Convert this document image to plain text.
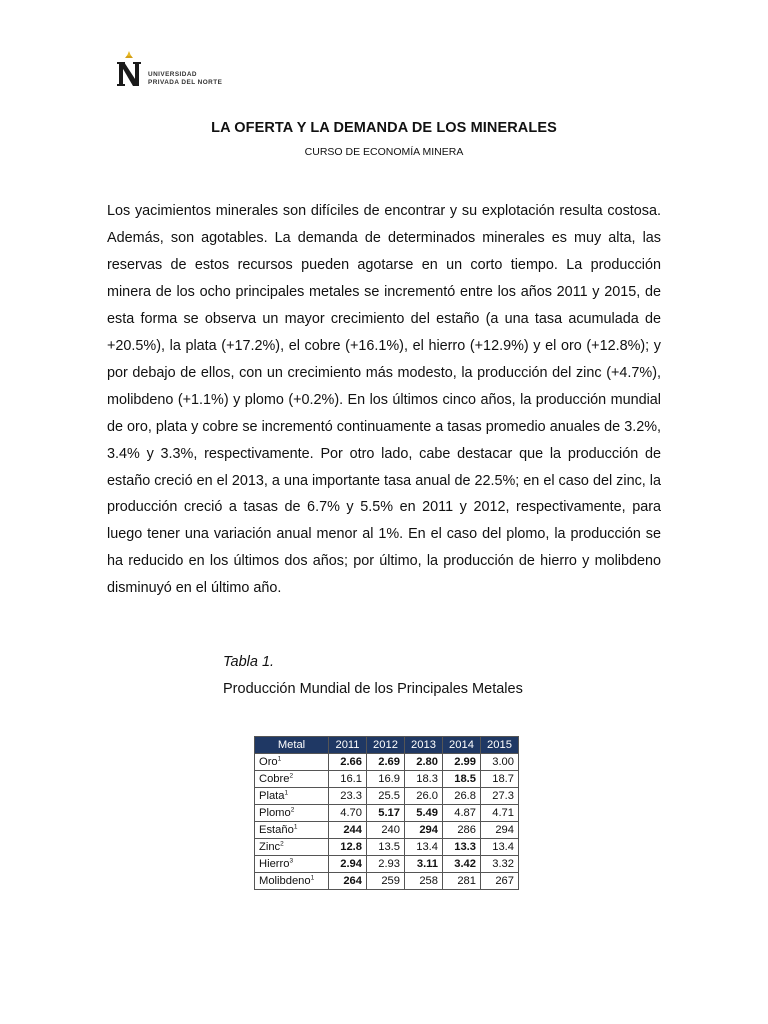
UNIVERSIDAD
PRIVADA DEL NORTE
LA OFERTA Y LA DEMANDA DE LOS MINERALES
CURSO DE ECONOMÍA MINERA
Los yacimientos minerales son difíciles de encontrar y su explotación resulta costosa. Además, son agotables. La demanda de determinados minerales es muy alta, las reservas de estos recursos pueden agotarse en un corto tiempo. La producción minera de los ocho principales metales se incrementó entre los años 2011 y 2015, de esta forma se observa un mayor crecimiento del estaño (a una tasa acumulada de +20.5%), la plata (+17.2%), el cobre (+16.1%), el hierro (+12.9%) y el oro (+12.8%); y por debajo de ellos, con un crecimiento más modesto, la producción del zinc (+4.7%), molibdeno (+1.1%) y plomo (+0.2%). En los últimos cinco años, la producción mundial de oro, plata y cobre se incrementó continuamente a tasas promedio anuales de 3.2%, 3.4% y 3.3%, respectivamente. Por otro lado, cabe destacar que la producción de estaño creció en el 2013, a una importante tasa anual de 22.5%; en el caso del zinc, la producción creció a tasas de 6.7% y 5.5% en 2011 y 2012, respectivamente, para luego tener una variación anual menor al 1%. En el caso del plomo, la producción se ha reducido en los últimos dos años; por último, la producción de hierro y molibdeno disminuyó en el último año.
Tabla 1.
Producción Mundial de los Principales Metales
Metal	2011	2012	2013	2014	2015
Oro$^1$	2.66	2.69	2.80	2.99	3.00
Cobre$^2$	16.1	16.9	18.3	18.5	18.7
Plata$^1$	23.3	25.5	26.0	26.8	27.3
Plomo$^2$	4.70	5.17	5.49	4.87	4.71
Estaño$^1$	244	240	294	286	294
Zinc$^2$	12.8	13.5	13.4	13.3	13.4
Hierro$^3$	2.94	2.93	3.11	3.42	3.32
Molibdeno$^1$	264	259	258	281	267
